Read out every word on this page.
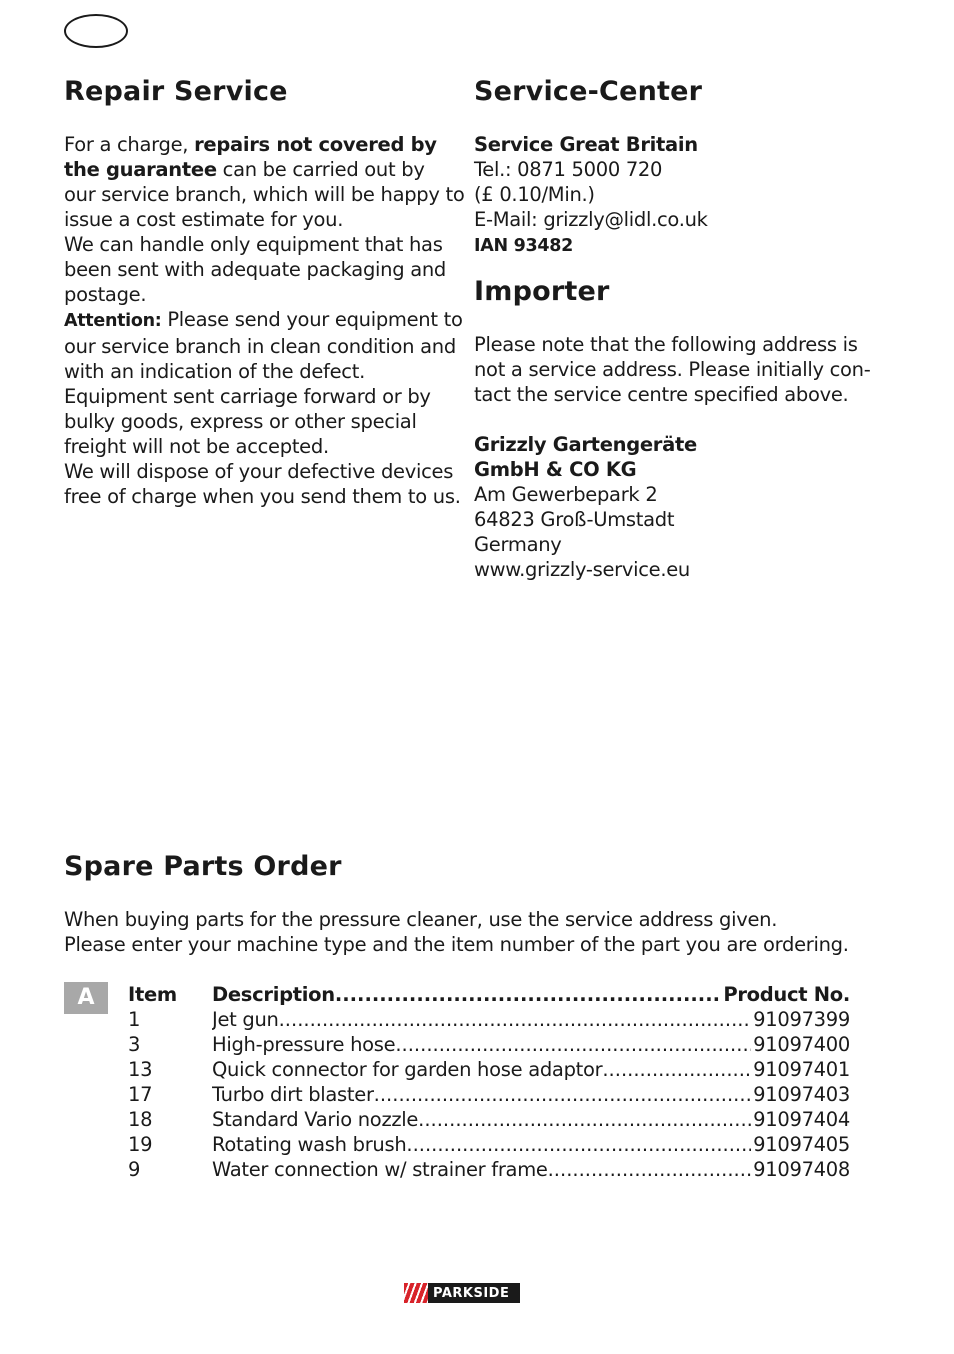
Repair Service
For a charge, repairs not covered by
the guarantee can be carried out by
our service branch, which will be happy to
issue a cost estimate for you.
We can handle only equipment that has
been sent with adequate packaging and
postage.
Attention: Please send your equipment to
our service branch in clean condition and
with an indication of the defect.
Equipment sent carriage forward or by
bulky goods, express or other special
freight will not be accepted.
We will dispose of your defective devices
free of charge when you send them to us.
Service-Center
Service Great Britain
Tel.: 0871 5000 720
(£ 0.10/Min.)
E-Mail: grizzly@lidl.co.uk
IAN 93482
Importer
Please note that the following address is
not a service address. Please initially con-
tact the service centre specified above.
Grizzly Gartengeräte
GmbH & CO KG
Am Gewerbepark 2
64823 Groß-Umstadt
Germany
www.grizzly-service.eu
Spare Parts Order
When buying parts for the pressure cleaner, use the service address given.
Please enter your machine type and the item number of the part you are ordering.
A	Item	Description .....	Product No.
1	Jet gun .....	91097399
3	High-pressure hose .....	91097400
13	Quick connector for garden hose adaptor .....	91097401
17	Turbo dirt blaster .....	91097403
18	Standard Vario nozzle .....	91097404
19	Rotating wash brush .....	91097405
9	Water connection w/ strainer frame .....	91097408
PARKSIDE
